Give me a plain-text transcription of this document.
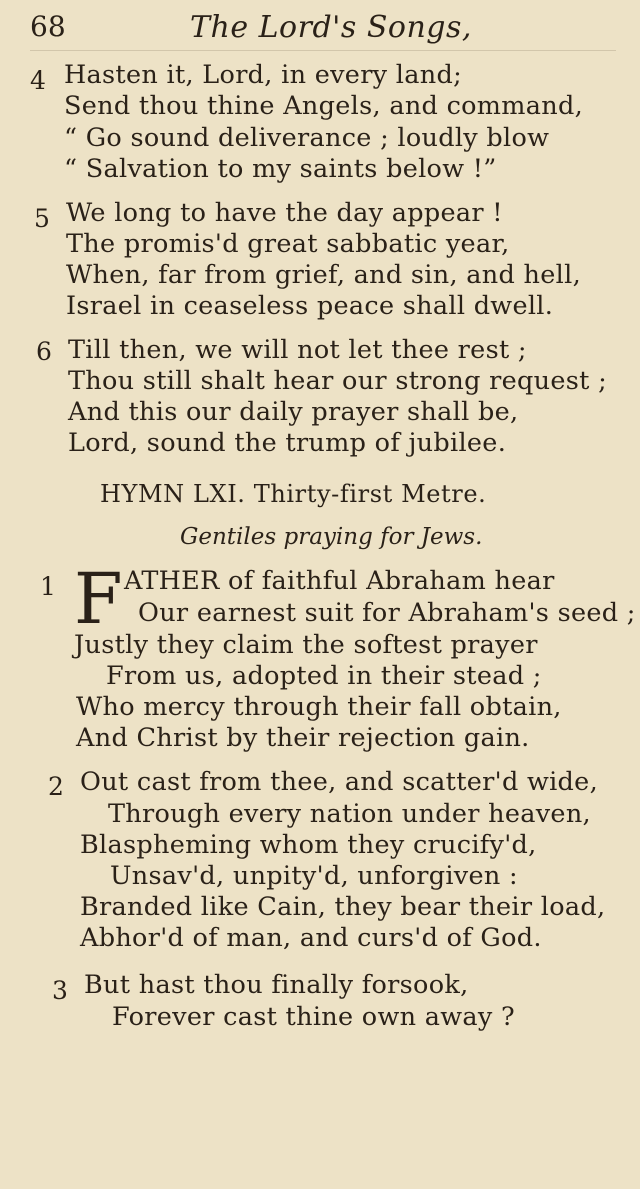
68	The Lord's Songs,
4 Hasten it, Lord, in every land;
Send thou thine Angels, and command,
“ Go sound deliverance ; loudly blow
“ Salvation to my saints below !”
5 We long to have the day appear !
The promis'd great sabbatic year,
When, far from grief, and sin, and hell,
Israel in ceaseless peace shall dwell.
6 Till then, we will not let thee rest ;
Thou still shalt hear our strong request ;
And this our daily prayer shall be,
Lord, sound the trump of jubilee.
HYMN LXI. Thirty-first Metre.
Gentiles praying for Jews.
1 F ATHER of faithful Abraham hear
Our earnest suit for Abraham's seed ;
Justly they claim the softest prayer
From us, adopted in their stead ;
Who mercy through their fall obtain,
And Christ by their rejection gain.
2 Out cast from thee, and scatter'd wide,
Through every nation under heaven,
Blaspheming whom they crucify'd,
Unsav'd, unpity'd, unforgiven :
Branded like Cain, they bear their load,
Abhor'd of man, and curs'd of God.
3 But hast thou finally forsook,
Forever cast thine own away ?
